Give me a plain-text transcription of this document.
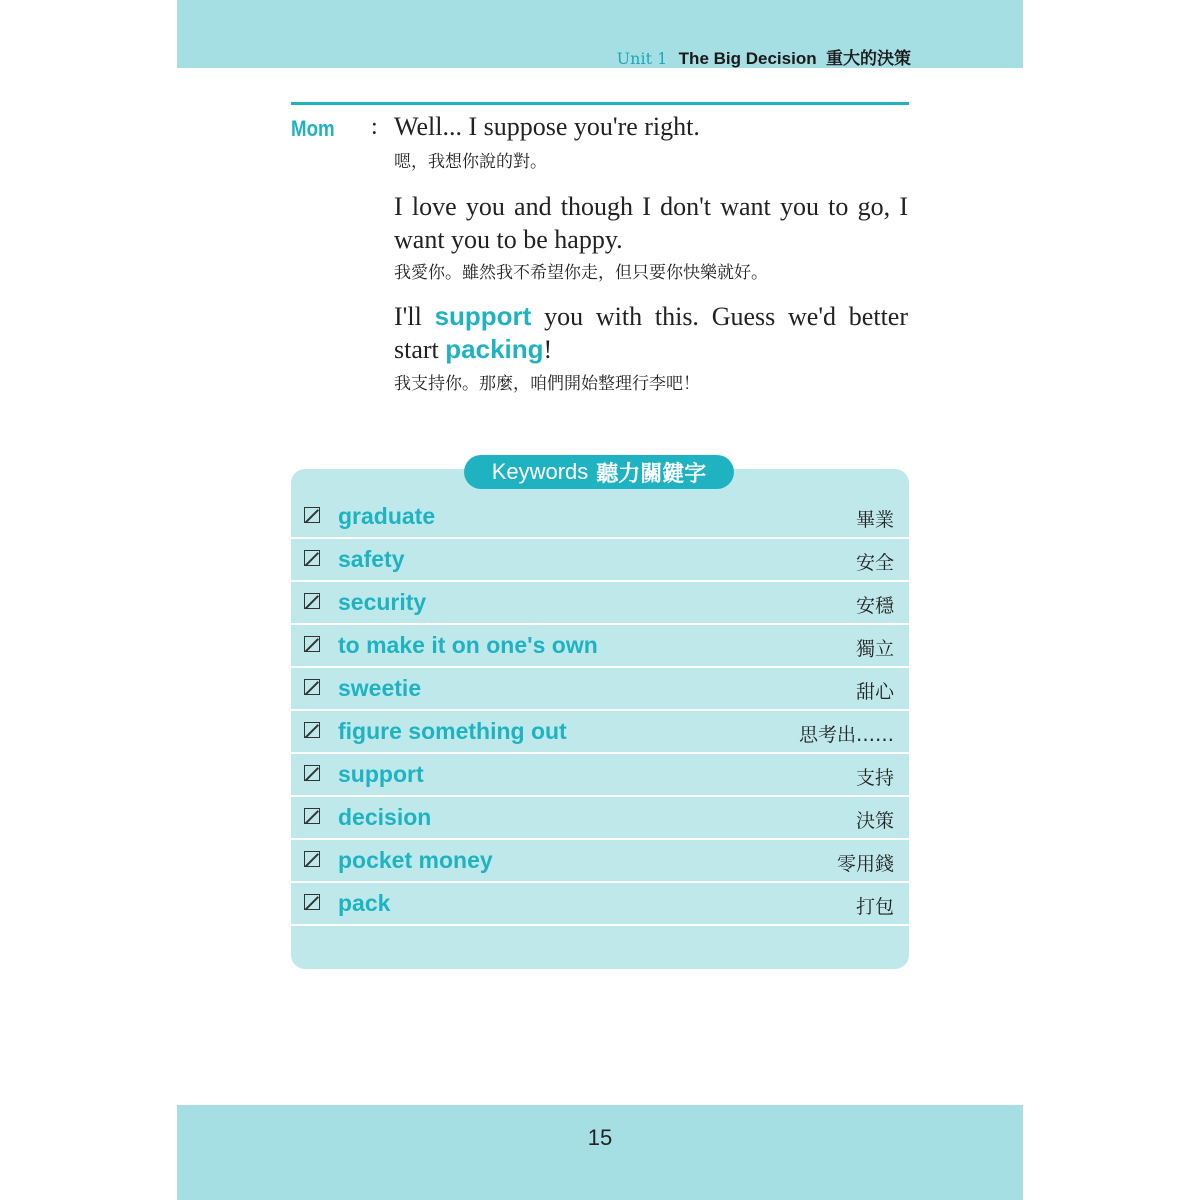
Unit 1 The Big Decision 重大的決策
Mom : Well... I suppose you're right.
嗯，我想你說的對。
I love you and though I don't want you to go, I want you to be happy.
我愛你。雖然我不希望你走，但只要你快樂就好。
I'll support you with this. Guess we'd better start packing!
我支持你。那麼，咱們開始整理行李吧！
graduate	畢業
safety	安全
security	安穩
to make it on one's own	獨立
sweetie	甜心
figure something out	思考出……
support	支持
decision	決策
pocket money	零用錢
pack	打包
Keywords 聽力關鍵字
15
